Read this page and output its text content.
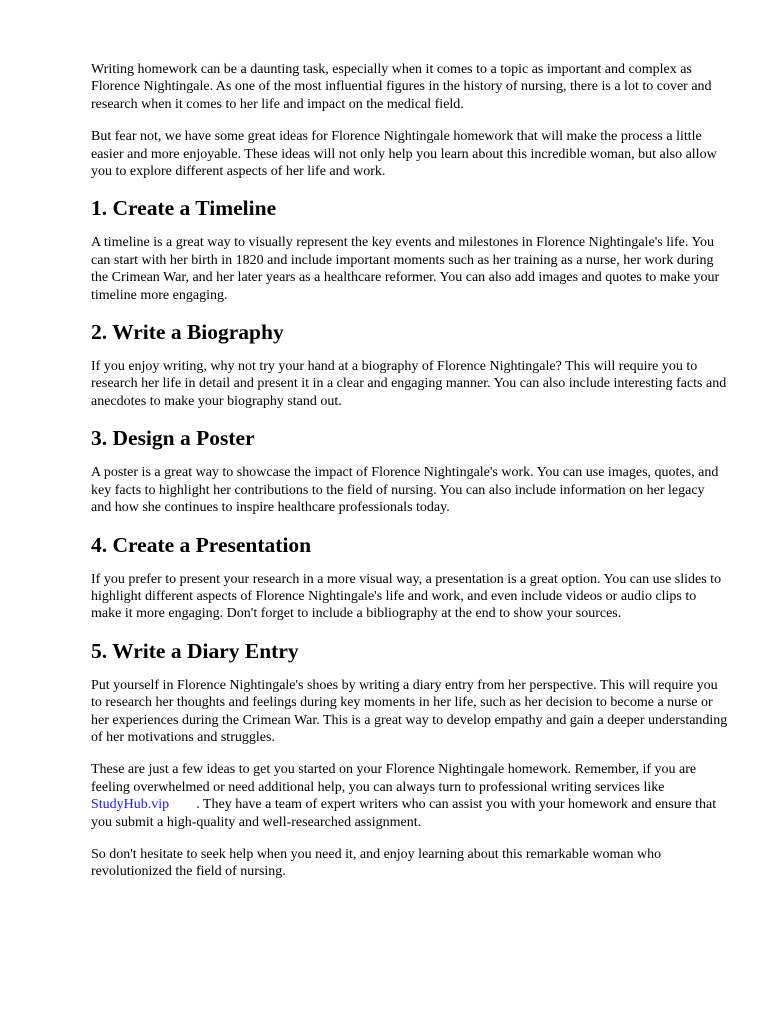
Writing homework can be a daunting task, especially when it comes to a topic as important and complex as Florence Nightingale. As one of the most influential figures in the history of nursing, there is a lot to cover and research when it comes to her life and impact on the medical field.

But fear not, we have some great ideas for Florence Nightingale homework that will make the process a little easier and more enjoyable. These ideas will not only help you learn about this incredible woman, but also allow you to explore different aspects of her life and work.

1. Create a Timeline

A timeline is a great way to visually represent the key events and milestones in Florence Nightingale's life. You can start with her birth in 1820 and include important moments such as her training as a nurse, her work during the Crimean War, and her later years as a healthcare reformer. You can also add images and quotes to make your timeline more engaging.

2. Write a Biography

If you enjoy writing, why not try your hand at a biography of Florence Nightingale? This will require you to research her life in detail and present it in a clear and engaging manner. You can also include interesting facts and anecdotes to make your biography stand out.

3. Design a Poster

A poster is a great way to showcase the impact of Florence Nightingale's work. You can use images, quotes, and key facts to highlight her contributions to the field of nursing. You can also include information on her legacy and how she continues to inspire healthcare professionals today.

4. Create a Presentation

If you prefer to present your research in a more visual way, a presentation is a great option. You can use slides to highlight different aspects of Florence Nightingale's life and work, and even include videos or audio clips to make it more engaging. Don't forget to include a bibliography at the end to show your sources.

5. Write a Diary Entry

Put yourself in Florence Nightingale's shoes by writing a diary entry from her perspective. This will require you to research her thoughts and feelings during key moments in her life, such as her decision to become a nurse or her experiences during the Crimean War. This is a great way to develop empathy and gain a deeper understanding of her motivations and struggles.

These are just a few ideas to get you started on your Florence Nightingale homework. Remember, if you are feeling overwhelmed or need additional help, you can always turn to professional writing services likeStudyHub.vip . They have a team of expert writers who can assist you with your homework and ensure that you submit a high-quality and well-researched assignment.

So don't hesitate to seek help when you need it, and enjoy learning about this remarkable woman who revolutionized the field of nursing.
